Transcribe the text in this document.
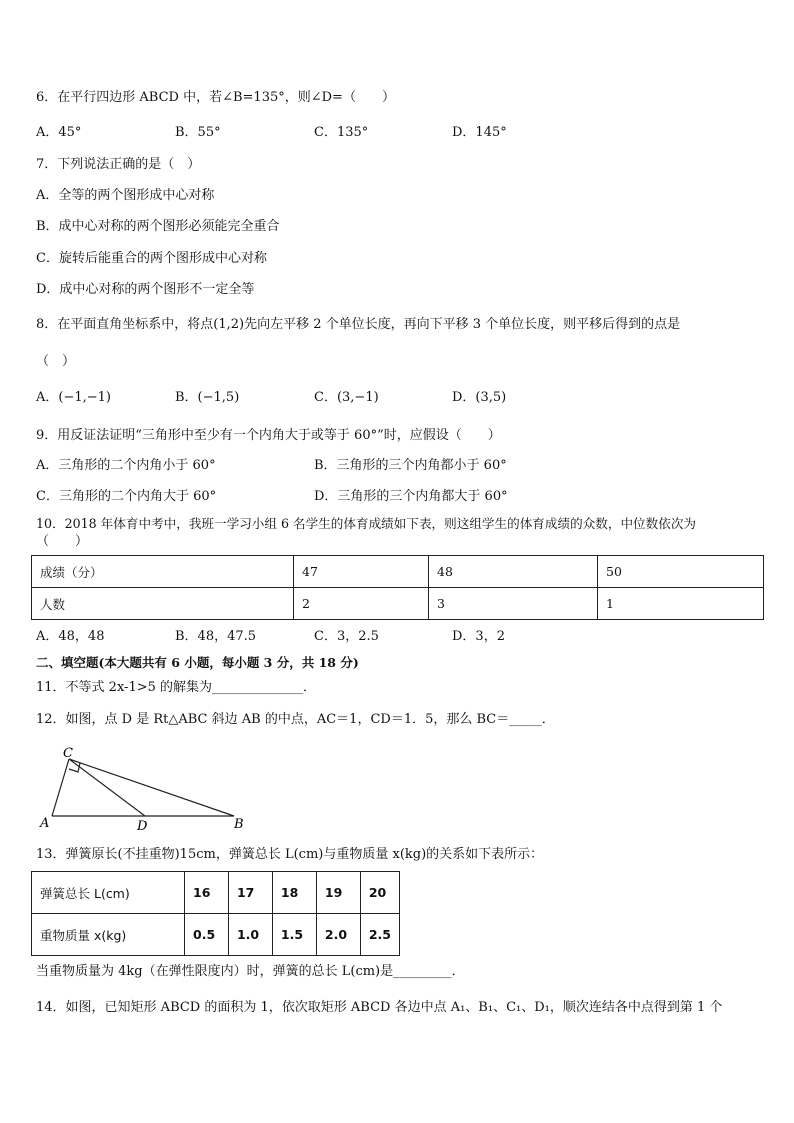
6．在平行四边形 ABCD 中，若∠B=135°，则∠D=（　　）
A．45°	B．55°	C．135°	D．145°
7．下列说法正确的是（　）
A．全等的两个图形成中心对称
B．成中心对称的两个图形必须能完全重合
C．旋转后能重合的两个图形成中心对称
D．成中心对称的两个图形不一定全等
8．在平面直角坐标系中，将点(1,2)先向左平移 2 个单位长度，再向下平移 3 个单位长度，则平移后得到的点是
（　）
A．(−1,−1)	B．(−1,5)	C．(3,−1)	D．(3,5)
9．用反证法证明“三角形中至少有一个内角大于或等于 60°”时，应假设（　　）
A．三角形的二个内角小于 60°	B．三角形的三个内角都小于 60°
C．三角形的二个内角大于 60°	D．三角形的三个内角都大于 60°
10．2018 年体育中考中，我班一学习小组 6 名学生的体育成绩如下表，则这组学生的体育成绩的众数，中位数依次为
（　　）
成绩（分）	47	48	50
人数	2	3	1
A．48，48	B．48，47.5	C．3，2.5	D．3，2
二、填空题(本大题共有 6 小题，每小题 3 分，共 18 分)
11．不等式 2x-1>5 的解集为______________．
12．如图，点 D 是 Rt△ABC 斜边 AB 的中点，AC＝1，CD＝1．5，那么 BC＝_____．
C
A	D	B
13．弹簧原长(不挂重物)15cm，弹簧总长 L(cm)与重物质量 x(kg)的关系如下表所示：
弹簧总长 L(cm)	16	17	18	19	20
重物质量 x(kg)	0.5	1.0	1.5	2.0	2.5
当重物质量为 4kg（在弹性限度内）时，弹簧的总长 L(cm)是_________．
14．如图，已知矩形 ABCD 的面积为 1，依次取矩形 ABCD 各边中点 A₁、B₁、C₁、D₁，顺次连结各中点得到第 1 个
